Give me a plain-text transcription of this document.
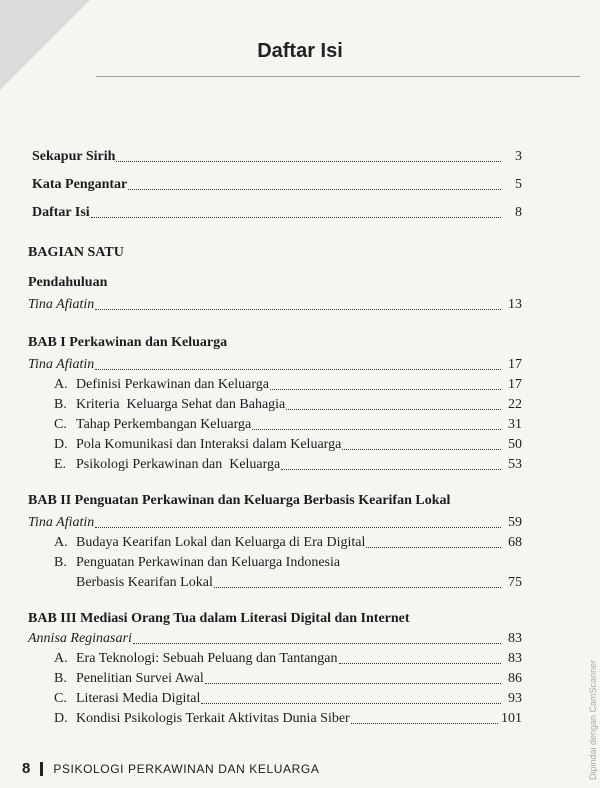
Daftar Isi
Sekapur Sirih	3
Kata Pengantar	5
Daftar Isi	8
BAGIAN SATU
Pendahuluan
Tina Afiatin	13
BAB I Perkawinan dan Keluarga
Tina Afiatin	17
A. Definisi Perkawinan dan Keluarga	17
B. Kriteria  Keluarga Sehat dan Bahagia	22
C. Tahap Perkembangan Keluarga	31
D. Pola Komunikasi dan Interaksi dalam Keluarga	50
E. Psikologi Perkawinan dan  Keluarga	53
BAB II Penguatan Perkawinan dan Keluarga Berbasis Kearifan Lokal
Tina Afiatin	59
A. Budaya Kearifan Lokal dan Keluarga di Era Digital	68
B. Penguatan Perkawinan dan Keluarga Indonesia
Berbasis Kearifan Lokal	75
BAB III Mediasi Orang Tua dalam Literasi Digital dan Internet
Annisa Reginasari	83
A. Era Teknologi: Sebuah Peluang dan Tantangan	83
B. Penelitian Survei Awal	86
C. Literasi Media Digital	93
D. Kondisi Psikologis Terkait Aktivitas Dunia Siber	101
8 PSIKOLOGI PERKAWINAN DAN KELUARGA	Dipindai dengan CamScanner
